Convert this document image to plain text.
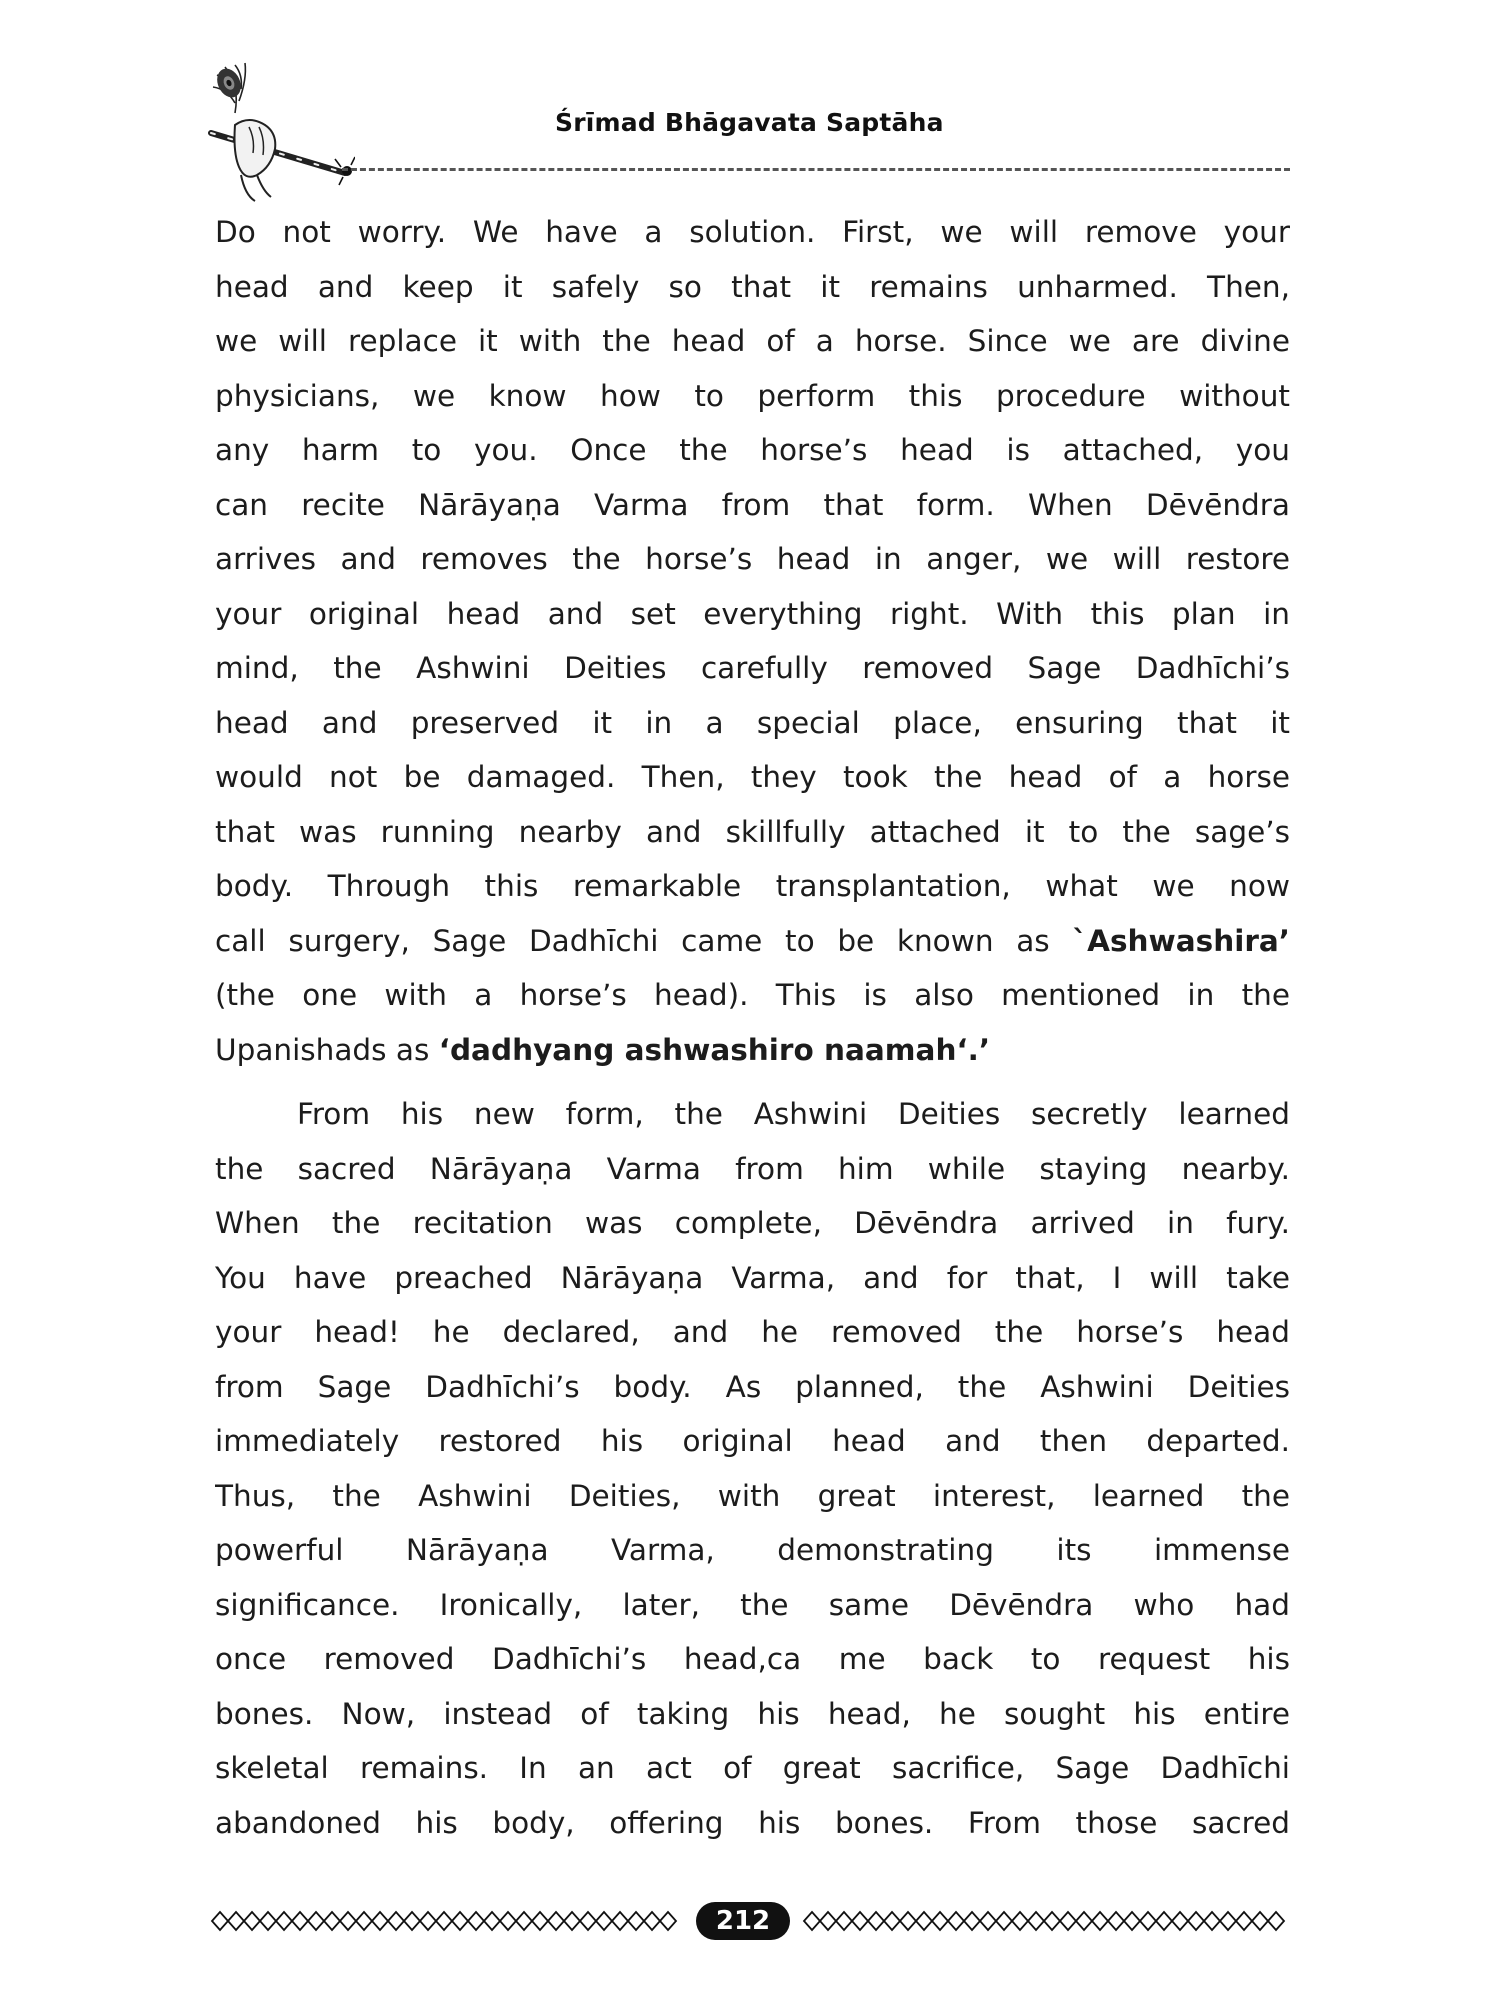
Śrīmad Bhāgavata Saptāha
Do not worry. We have a solution. First, we will remove your
head and keep it safely so that it remains unharmed. Then,
we will replace it with the head of a horse. Since we are divine
physicians, we know how to perform this procedure without
any harm to you. Once the horse’s head is attached, you
can recite Nārāyaṇa Varma from that form. When Dēvēndra
arrives and removes the horse’s head in anger, we will restore
your original head and set everything right. With this plan in
mind, the Ashwini Deities carefully removed Sage Dadhīchi’s
head and preserved it in a special place, ensuring that it
would not be damaged. Then, they took the head of a horse
that was running nearby and skillfully attached it to the sage’s
body. Through this remarkable transplantation, what we now
call surgery, Sage Dadhīchi came to be known as `Ashwashira’
(the one with a horse’s head). This is also mentioned in the
Upanishads as ‘dadhyang ashwashiro naamah‘.’
From his new form, the Ashwini Deities secretly learned
the sacred Nārāyaṇa Varma from him while staying nearby.
When the recitation was complete, Dēvēndra arrived in fury.
You have preached Nārāyaṇa Varma, and for that, I will take
your head! he declared, and he removed the horse’s head
from Sage Dadhīchi’s body. As planned, the Ashwini Deities
immediately restored his original head and then departed.
Thus, the Ashwini Deities, with great interest, learned the
powerful Nārāyaṇa Varma, demonstrating its immense
significance. Ironically, later, the same Dēvēndra who had
once removed Dadhīchi’s head,ca me back to request his
bones. Now, instead of taking his head, he sought his entire
skeletal remains. In an act of great sacrifice, Sage Dadhīchi
abandoned his body, offering his bones. From those sacred
212
